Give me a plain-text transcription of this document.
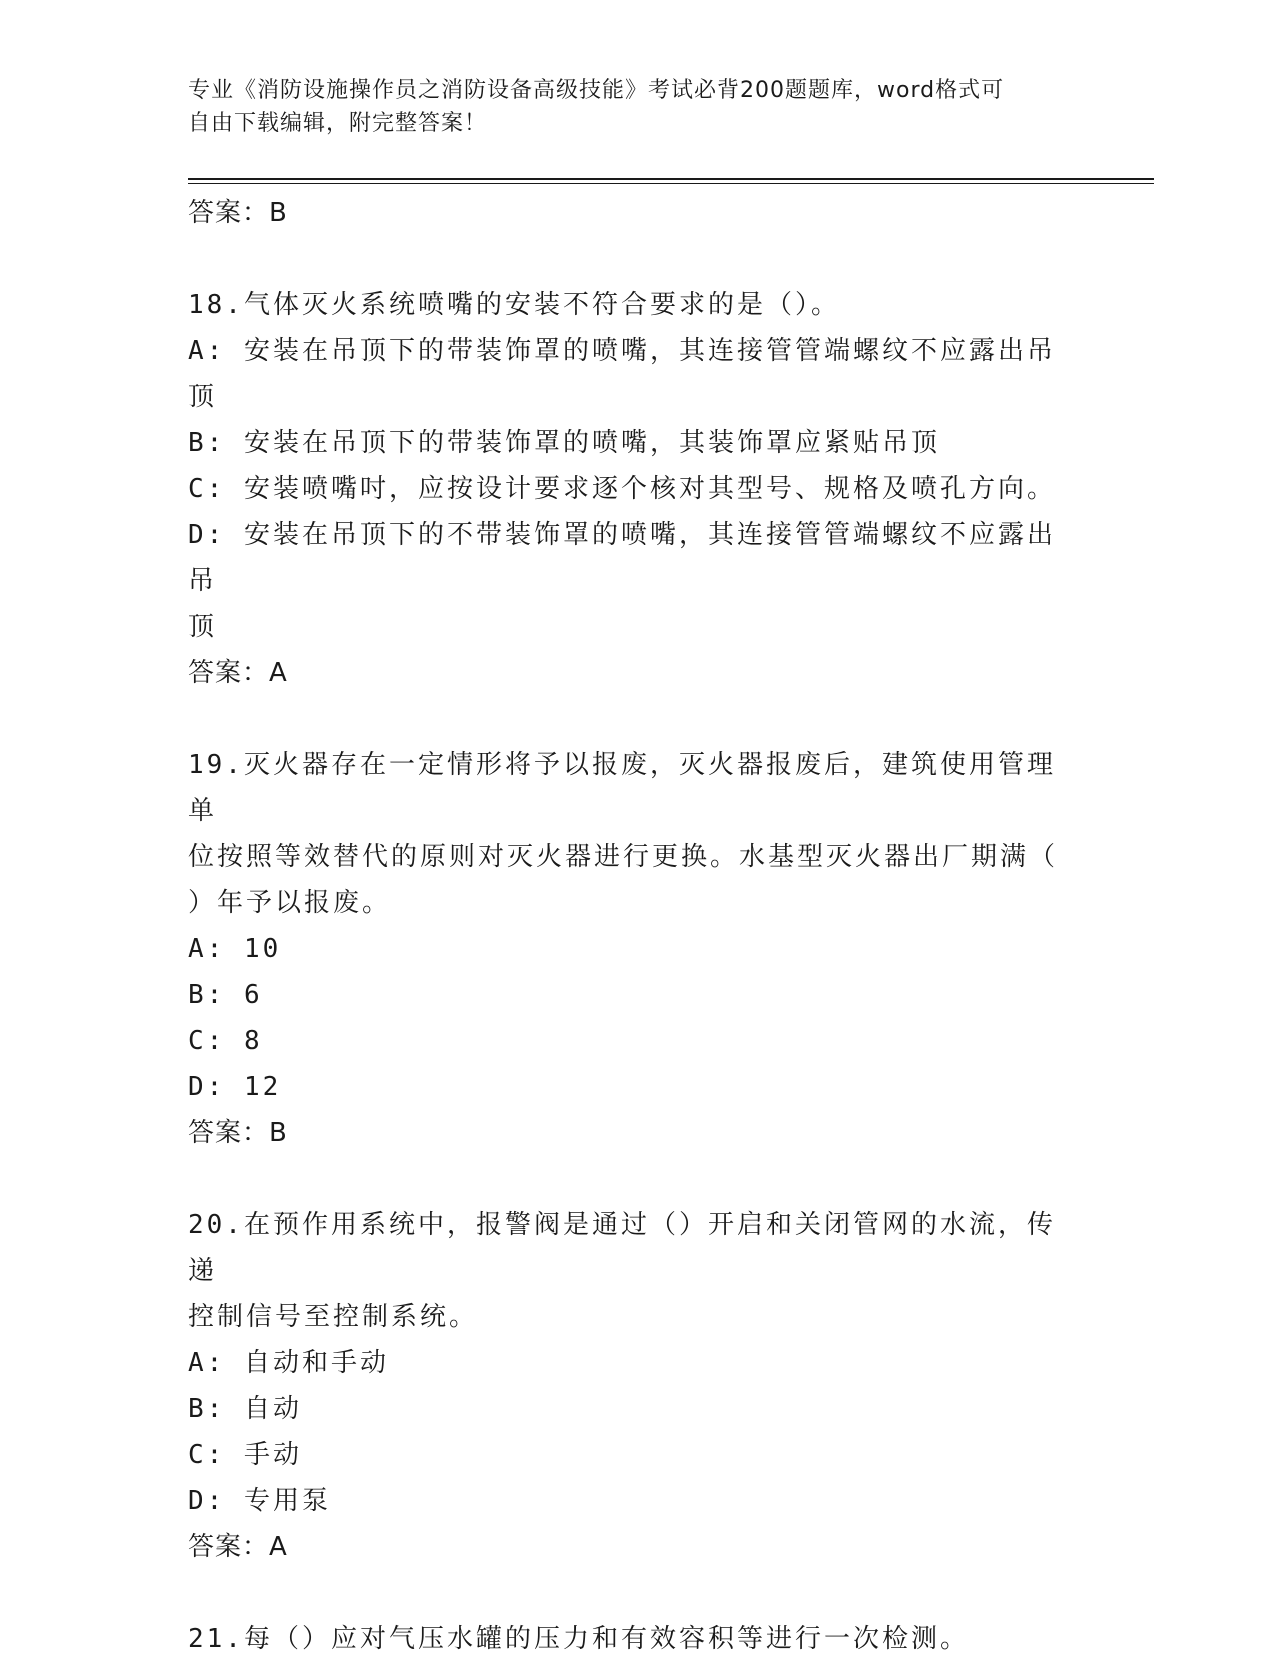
专业《消防设施操作员之消防设备高级技能》考试必背200题题库，word格式可
自由下载编辑，附完整答案！
答案：B
18.气体灭火系统喷嘴的安装不符合要求的是（）。
A: 安装在吊顶下的带装饰罩的喷嘴，其连接管管端螺纹不应露出吊顶
B: 安装在吊顶下的带装饰罩的喷嘴，其装饰罩应紧贴吊顶
C: 安装喷嘴吋，应按设计要求逐个核对其型号、规格及喷孔方向。
D: 安装在吊顶下的不带装饰罩的喷嘴，其连接管管端螺纹不应露出吊
顶
答案：A
19.灭火器存在一定情形将予以报废，灭火器报废后，建筑使用管理单
位按照等效替代的原则对灭火器进行更换。水基型灭火器出厂期满（
）年予以报废。
A: 10
B: 6
C: 8
D: 12
答案：B
20.在预作用系统中，报警阀是通过（）开启和关闭管网的水流，传递
控制信号至控制系统。
A: 自动和手动
B: 自动
C: 手动
D: 专用泵
答案：A
21.每（）应对气压水罐的压力和有效容积等进行一次检测。
